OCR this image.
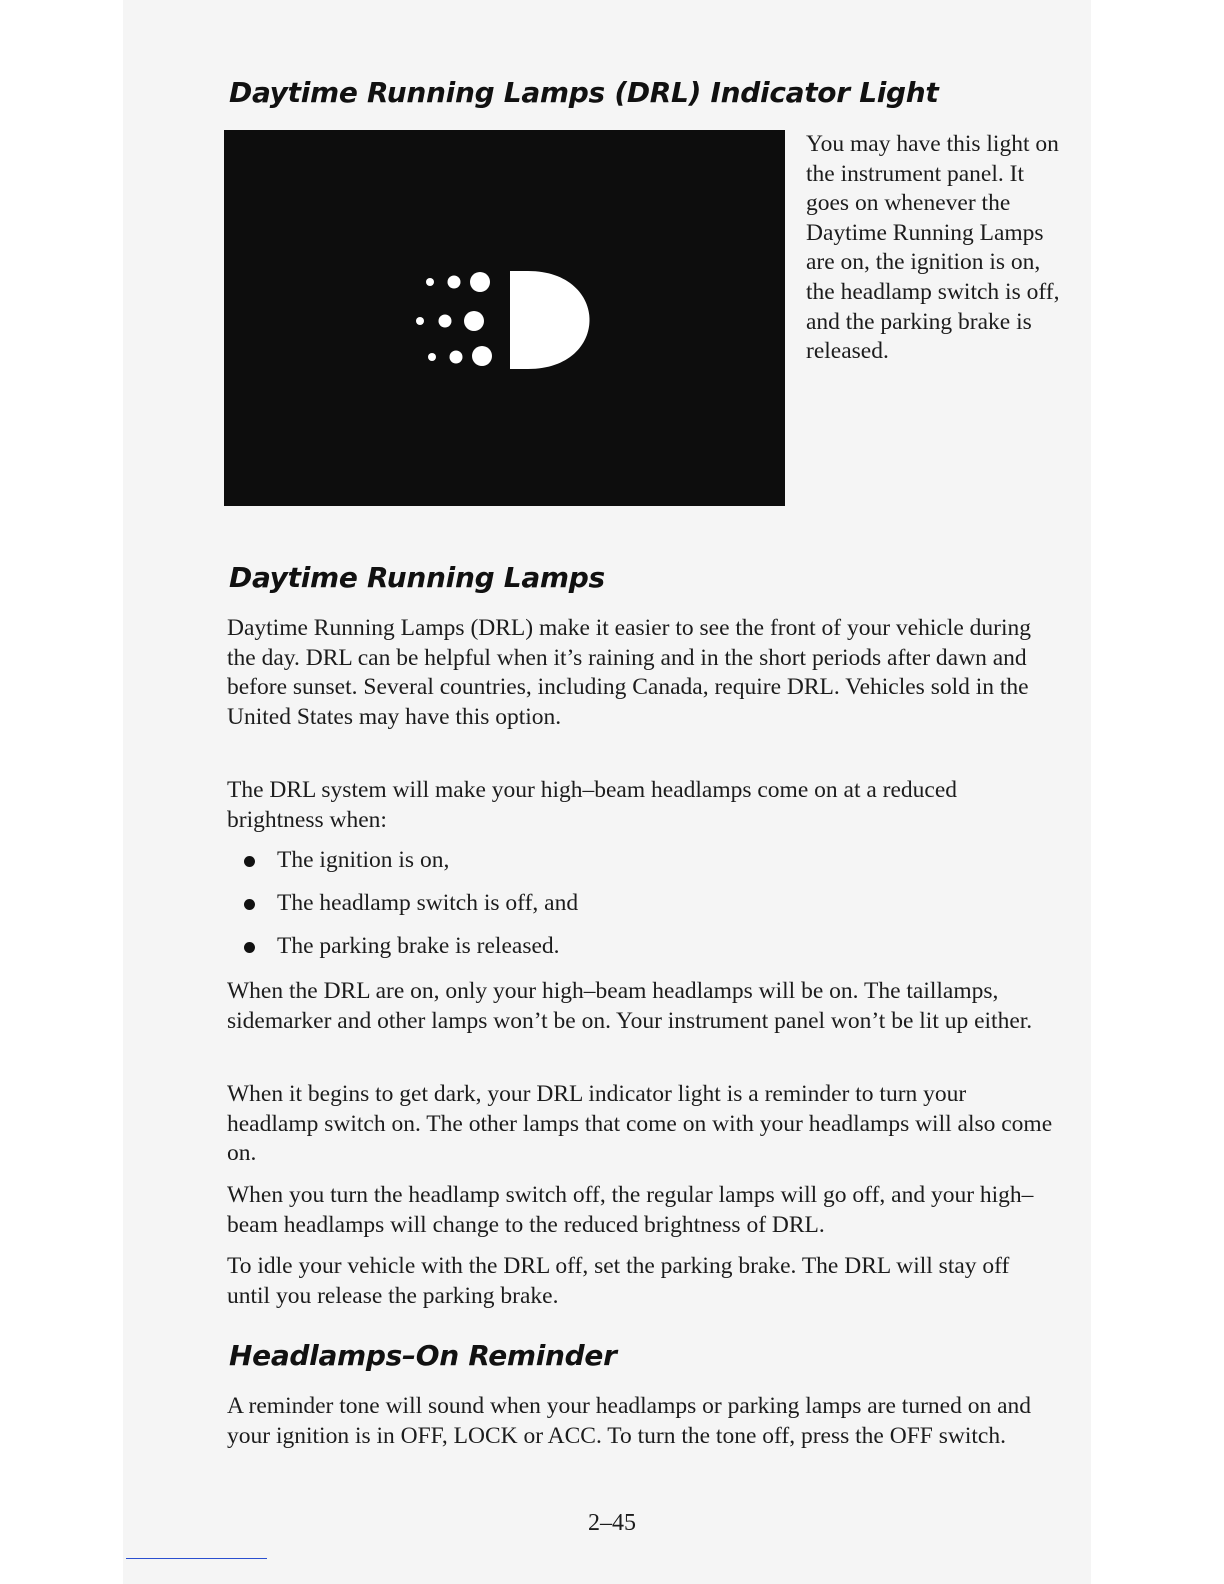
Daytime Running Lamps (DRL) Indicator Light

You may have this light on the instrument panel. It goes on whenever the Daytime Running Lamps are on, the ignition is on, the headlamp switch is off, and the parking brake is released.

Daytime Running Lamps

Daytime Running Lamps (DRL) make it easier to see the front of your vehicle during the day. DRL can be helpful when it’s raining and in the short periods after dawn and before sunset. Several countries, including Canada, require DRL. Vehicles sold in the United States may have this option.

The DRL system will make your high–beam headlamps come on at a reduced brightness when:

The ignition is on,
The headlamp switch is off, and
The parking brake is released.

When the DRL are on, only your high–beam headlamps will be on. The taillamps, sidemarker and other lamps won’t be on. Your instrument panel won’t be lit up either.

When it begins to get dark, your DRL indicator light is a reminder to turn your headlamp switch on. The other lamps that come on with your headlamps will also come on.

When you turn the headlamp switch off, the regular lamps will go off, and your high–beam headlamps will change to the reduced brightness of DRL.

To idle your vehicle with the DRL off, set the parking brake. The DRL will stay off until you release the parking brake.

Headlamps–On Reminder

A reminder tone will sound when your headlamps or parking lamps are turned on and your ignition is in OFF, LOCK or ACC. To turn the tone off, press the OFF switch.

2–45
